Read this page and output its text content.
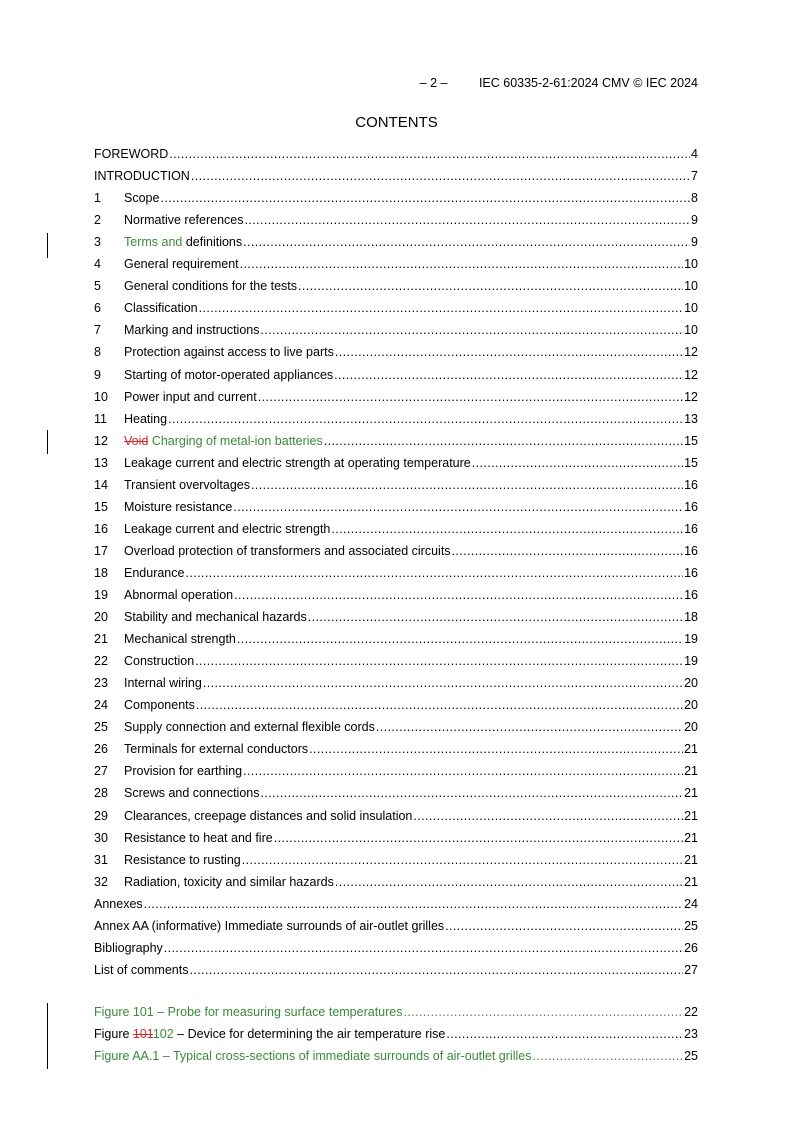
– 2 –	IEC 60335-2-61:2024 CMV © IEC 2024
CONTENTS
FOREWORD .....	4
INTRODUCTION .....	7
1	Scope .....	8
2	Normative references .....	9
3	Terms and definitions .....	9
4	General requirement .....	10
5	General conditions for the tests .....	10
6	Classification .....	10
7	Marking and instructions .....	10
8	Protection against access to live parts .....	12
9	Starting of motor-operated appliances .....	12
10	Power input and current .....	12
11	Heating .....	13
12	Void Charging of metal-ion batteries .....	15
13	Leakage current and electric strength at operating temperature .....	15
14	Transient overvoltages .....	16
15	Moisture resistance .....	16
16	Leakage current and electric strength .....	16
17	Overload protection of transformers and associated circuits .....	16
18	Endurance .....	16
19	Abnormal operation .....	16
20	Stability and mechanical hazards .....	18
21	Mechanical strength .....	19
22	Construction .....	19
23	Internal wiring .....	20
24	Components .....	20
25	Supply connection and external flexible cords .....	20
26	Terminals for external conductors .....	21
27	Provision for earthing .....	21
28	Screws and connections .....	21
29	Clearances, creepage distances and solid insulation .....	21
30	Resistance to heat and fire .....	21
31	Resistance to rusting .....	21
32	Radiation, toxicity and similar hazards .....	21
Annexes .....	24
Annex AA (informative) Immediate surrounds of air-outlet grilles .....	25
Bibliography .....	26
List of comments .....	27
Figure 101 – Probe for measuring surface temperatures .....	22
Figure 101102 – Device for determining the air temperature rise .....	23
Figure AA.1 – Typical cross-sections of immediate surrounds of air-outlet grilles .....	25
